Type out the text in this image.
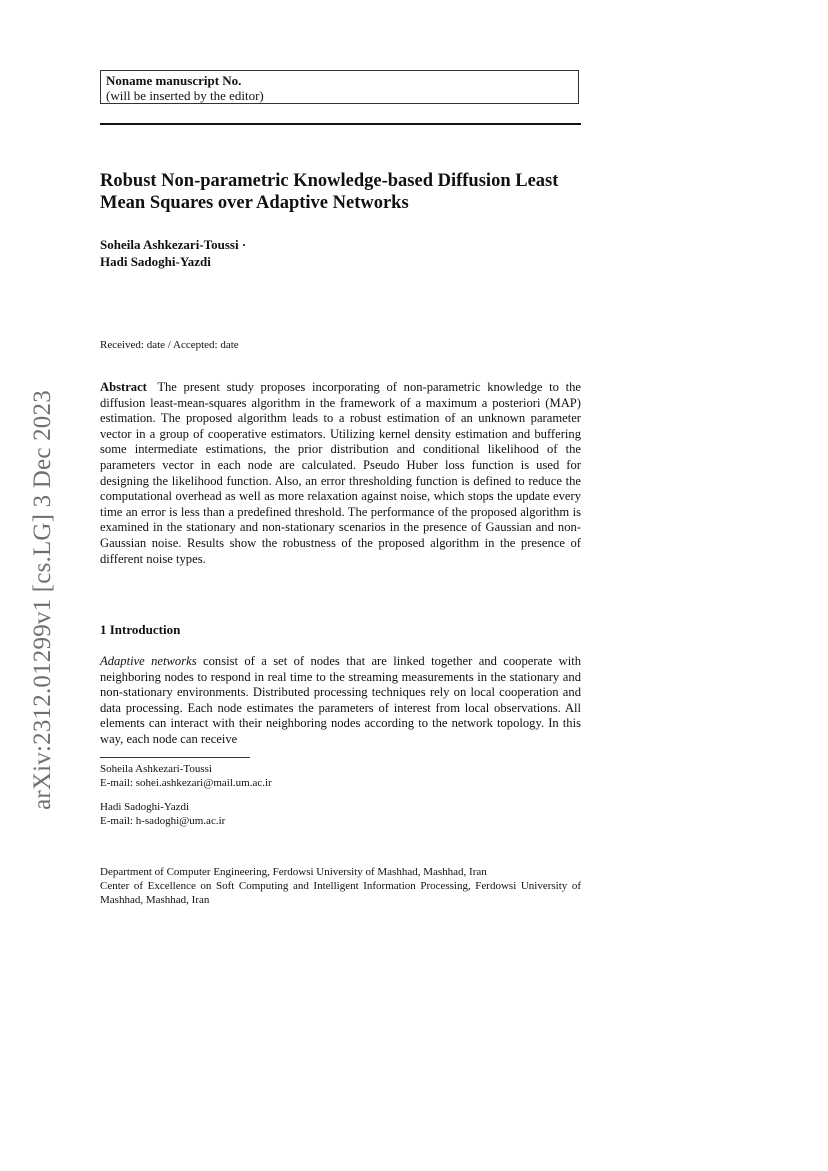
arXiv:2312.01299v1 [cs.LG] 3 Dec 2023
Noname manuscript No.
(will be inserted by the editor)
Robust Non-parametric Knowledge-based Diffusion Least Mean Squares over Adaptive Networks
Soheila Ashkezari-Toussi ·
Hadi Sadoghi-Yazdi
Received: date / Accepted: date
Abstract The present study proposes incorporating of non-parametric knowledge to the diffusion least-mean-squares algorithm in the framework of a maximum a posteriori (MAP) estimation. The proposed algorithm leads to a robust estimation of an unknown parameter vector in a group of cooperative estimators. Utilizing kernel density estimation and buffering some intermediate estimations, the prior distribution and conditional likelihood of the parameters vector in each node are calculated. Pseudo Huber loss function is used for designing the likelihood function. Also, an error thresholding function is defined to reduce the computational overhead as well as more relaxation against noise, which stops the update every time an error is less than a predefined threshold. The performance of the proposed algorithm is examined in the stationary and non-stationary scenarios in the presence of Gaussian and non-Gaussian noise. Results show the robustness of the proposed algorithm in the presence of different noise types.
1 Introduction
Adaptive networks consist of a set of nodes that are linked together and cooperate with neighboring nodes to respond in real time to the streaming measurements in the stationary and non-stationary environments. Distributed processing techniques rely on local cooperation and data processing. Each node estimates the parameters of interest from local observations. All elements can interact with their neighboring nodes according to the network topology. In this way, each node can receive
Soheila Ashkezari-Toussi
E-mail: sohei.ashkezari@mail.um.ac.ir
Hadi Sadoghi-Yazdi
E-mail: h-sadoghi@um.ac.ir
Department of Computer Engineering, Ferdowsi University of Mashhad, Mashhad, Iran
Center of Excellence on Soft Computing and Intelligent Information Processing, Ferdowsi University of Mashhad, Mashhad, Iran
